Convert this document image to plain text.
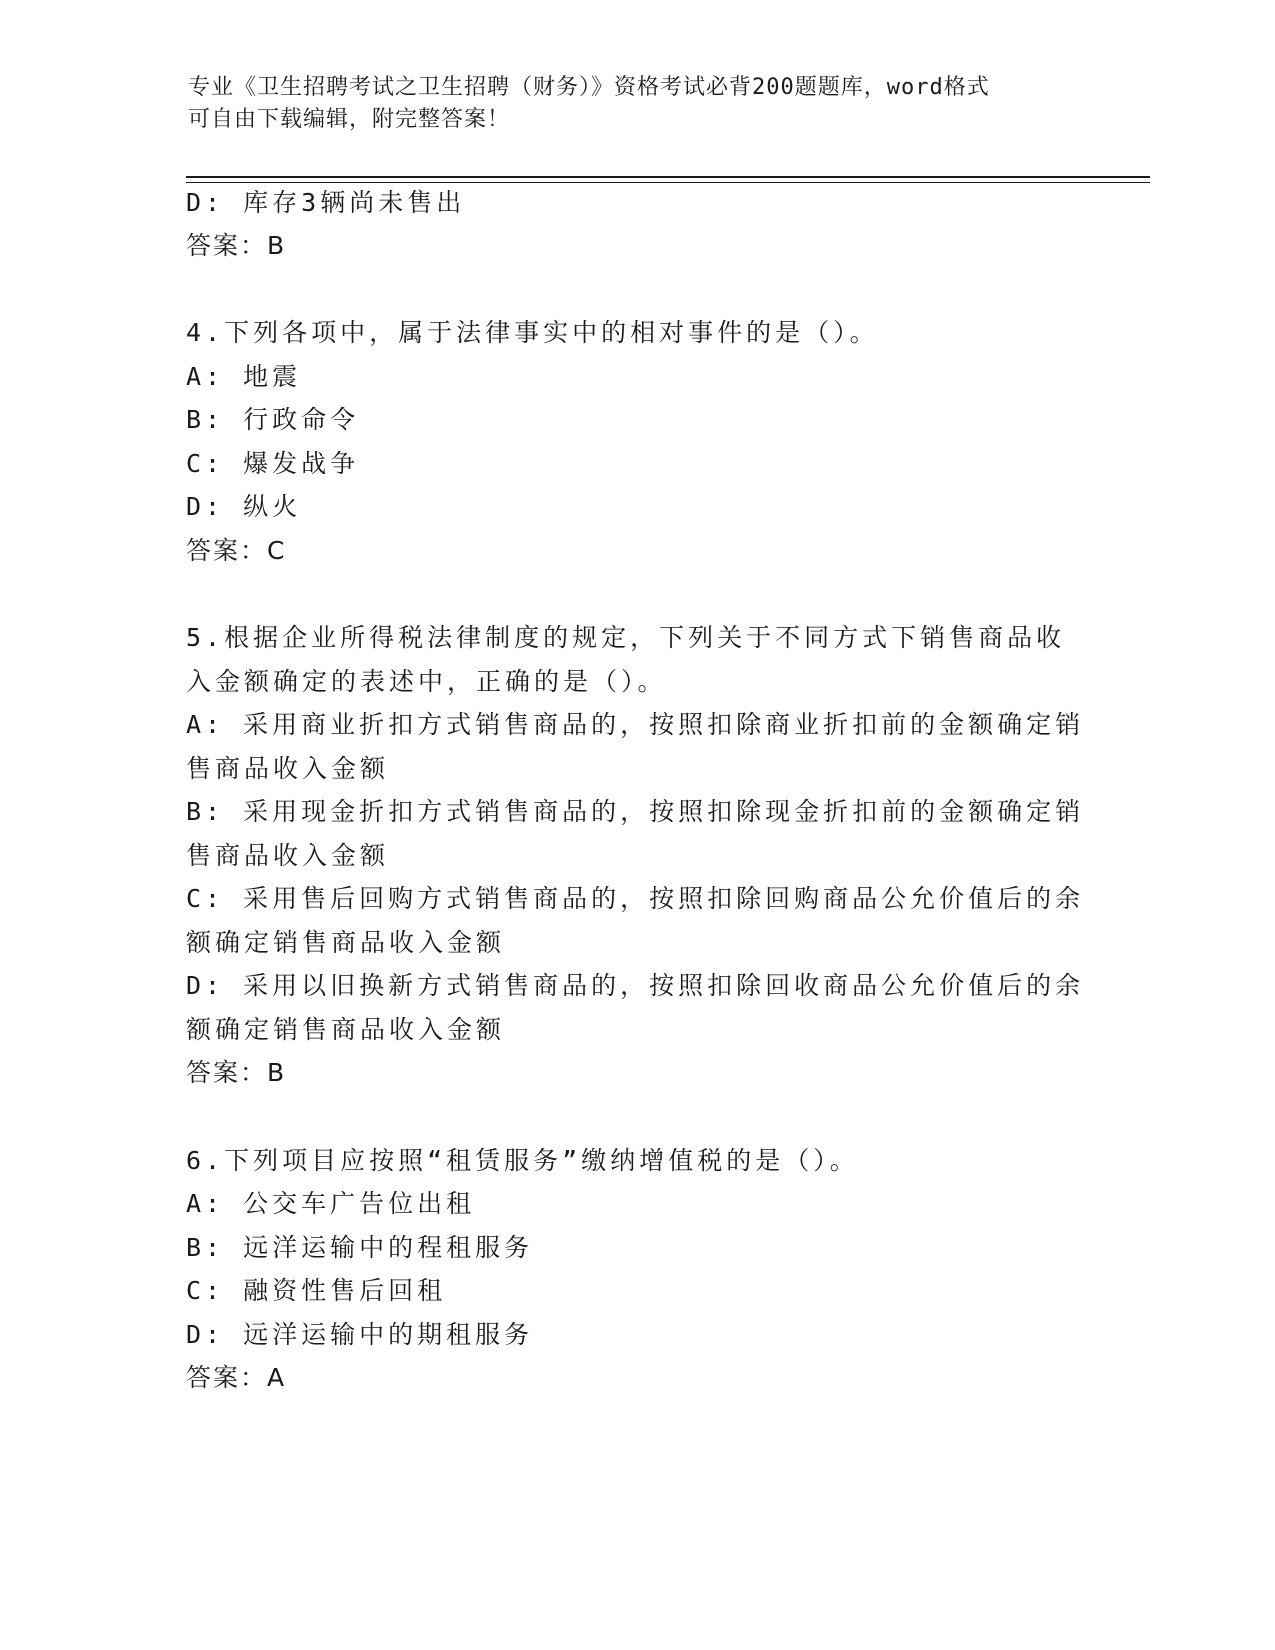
专业《卫生招聘考试之卫生招聘（财务）》资格考试必背200题题库，word格式
可自由下载编辑，附完整答案！
D: 库存3辆尚未售出
答案：B
4.下列各项中，属于法律事实中的相对事件的是（）。
A: 地震
B: 行政命令
C: 爆发战争
D: 纵火
答案：C
5.根据企业所得税法律制度的规定，下列关于不同方式下销售商品收
入金额确定的表述中，正确的是（）。
A: 采用商业折扣方式销售商品的，按照扣除商业折扣前的金额确定销
售商品收入金额
B: 采用现金折扣方式销售商品的，按照扣除现金折扣前的金额确定销
售商品收入金额
C: 采用售后回购方式销售商品的，按照扣除回购商品公允价值后的余
额确定销售商品收入金额
D: 采用以旧换新方式销售商品的，按照扣除回收商品公允价值后的余
额确定销售商品收入金额
答案：B
6.下列项目应按照“租赁服务”缴纳增值税的是（）。
A: 公交车广告位出租
B: 远洋运输中的程租服务
C: 融资性售后回租
D: 远洋运输中的期租服务
答案：A
